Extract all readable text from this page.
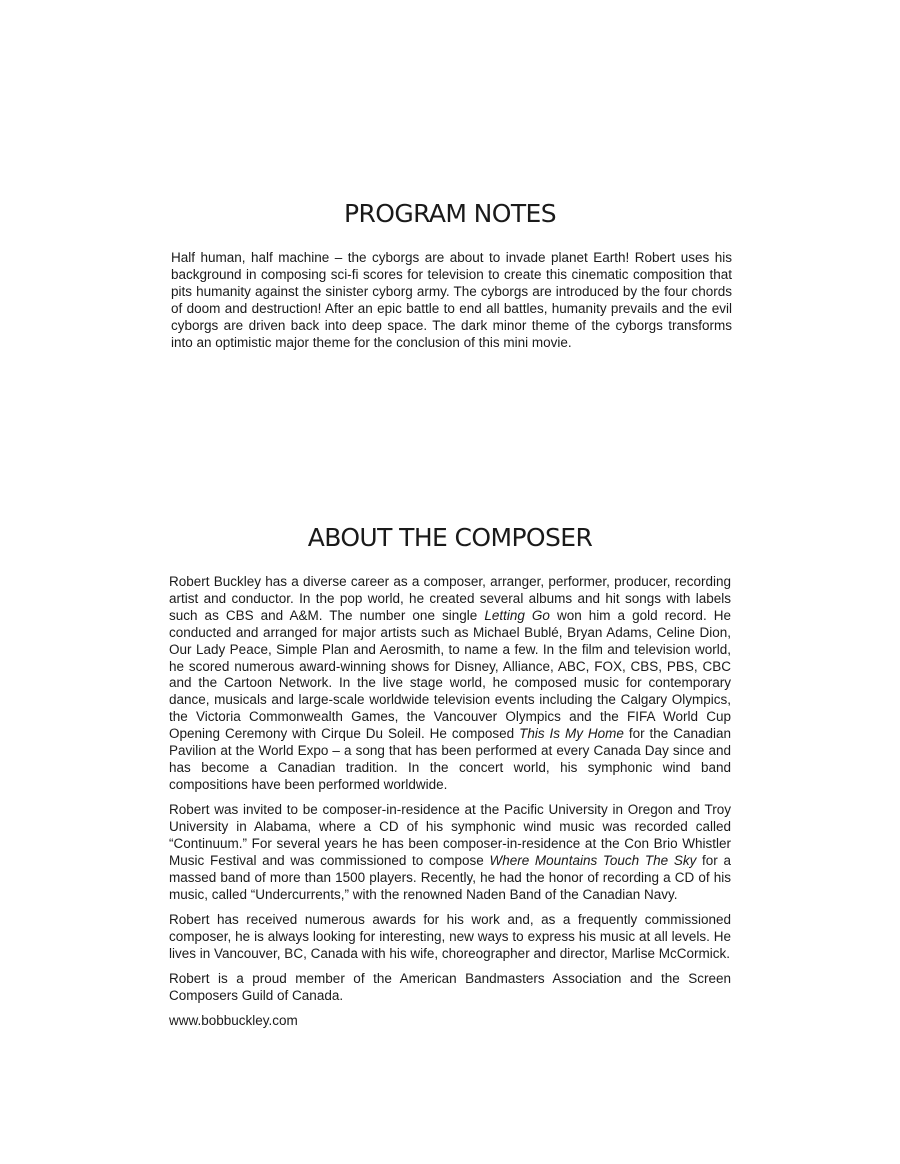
PROGRAM NOTES

Half human, half machine – the cyborgs are about to invade planet Earth! Robert uses his background in composing sci-fi scores for television to create this cinematic composition that pits humanity against the sinister cyborg army. The cyborgs are introduced by the four chords of doom and destruction! After an epic battle to end all battles, humanity prevails and the evil cyborgs are driven back into deep space. The dark minor theme of the cyborgs transforms into an optimistic major theme for the conclusion of this mini movie.

ABOUT THE COMPOSER

Robert Buckley has a diverse career as a composer, arranger, performer, producer, recording artist and conductor. In the pop world, he created several albums and hit songs with labels such as CBS and A&M. The number one single Letting Go won him a gold record. He conducted and arranged for major artists such as Michael Bublé, Bryan Adams, Celine Dion, Our Lady Peace, Simple Plan and Aerosmith, to name a few. In the film and television world, he scored numerous award-winning shows for Disney, Alliance, ABC, FOX, CBS, PBS, CBC and the Cartoon Network. In the live stage world, he composed music for contemporary dance, musicals and large-scale worldwide television events including the Calgary Olympics, the Victoria Commonwealth Games, the Vancouver Olympics and the FIFA World Cup Opening Ceremony with Cirque Du Soleil. He composed This Is My Home for the Canadian Pavilion at the World Expo – a song that has been performed at every Canada Day since and has become a Canadian tradition. In the concert world, his symphonic wind band compositions have been performed worldwide.

Robert was invited to be composer-in-residence at the Pacific University in Oregon and Troy University in Alabama, where a CD of his symphonic wind music was recorded called “Continuum.” For several years he has been composer-in-residence at the Con Brio Whistler Music Festival and was commissioned to compose Where Mountains Touch The Sky for a massed band of more than 1500 players. Recently, he had the honor of recording a CD of his music, called “Undercurrents,” with the renowned Naden Band of the Canadian Navy.

Robert has received numerous awards for his work and, as a frequently commissioned composer, he is always looking for interesting, new ways to express his music at all levels. He lives in Vancouver, BC, Canada with his wife, choreographer and director, Marlise McCormick.

Robert is a proud member of the American Bandmasters Association and the Screen Composers Guild of Canada.

www.bobbuckley.com
